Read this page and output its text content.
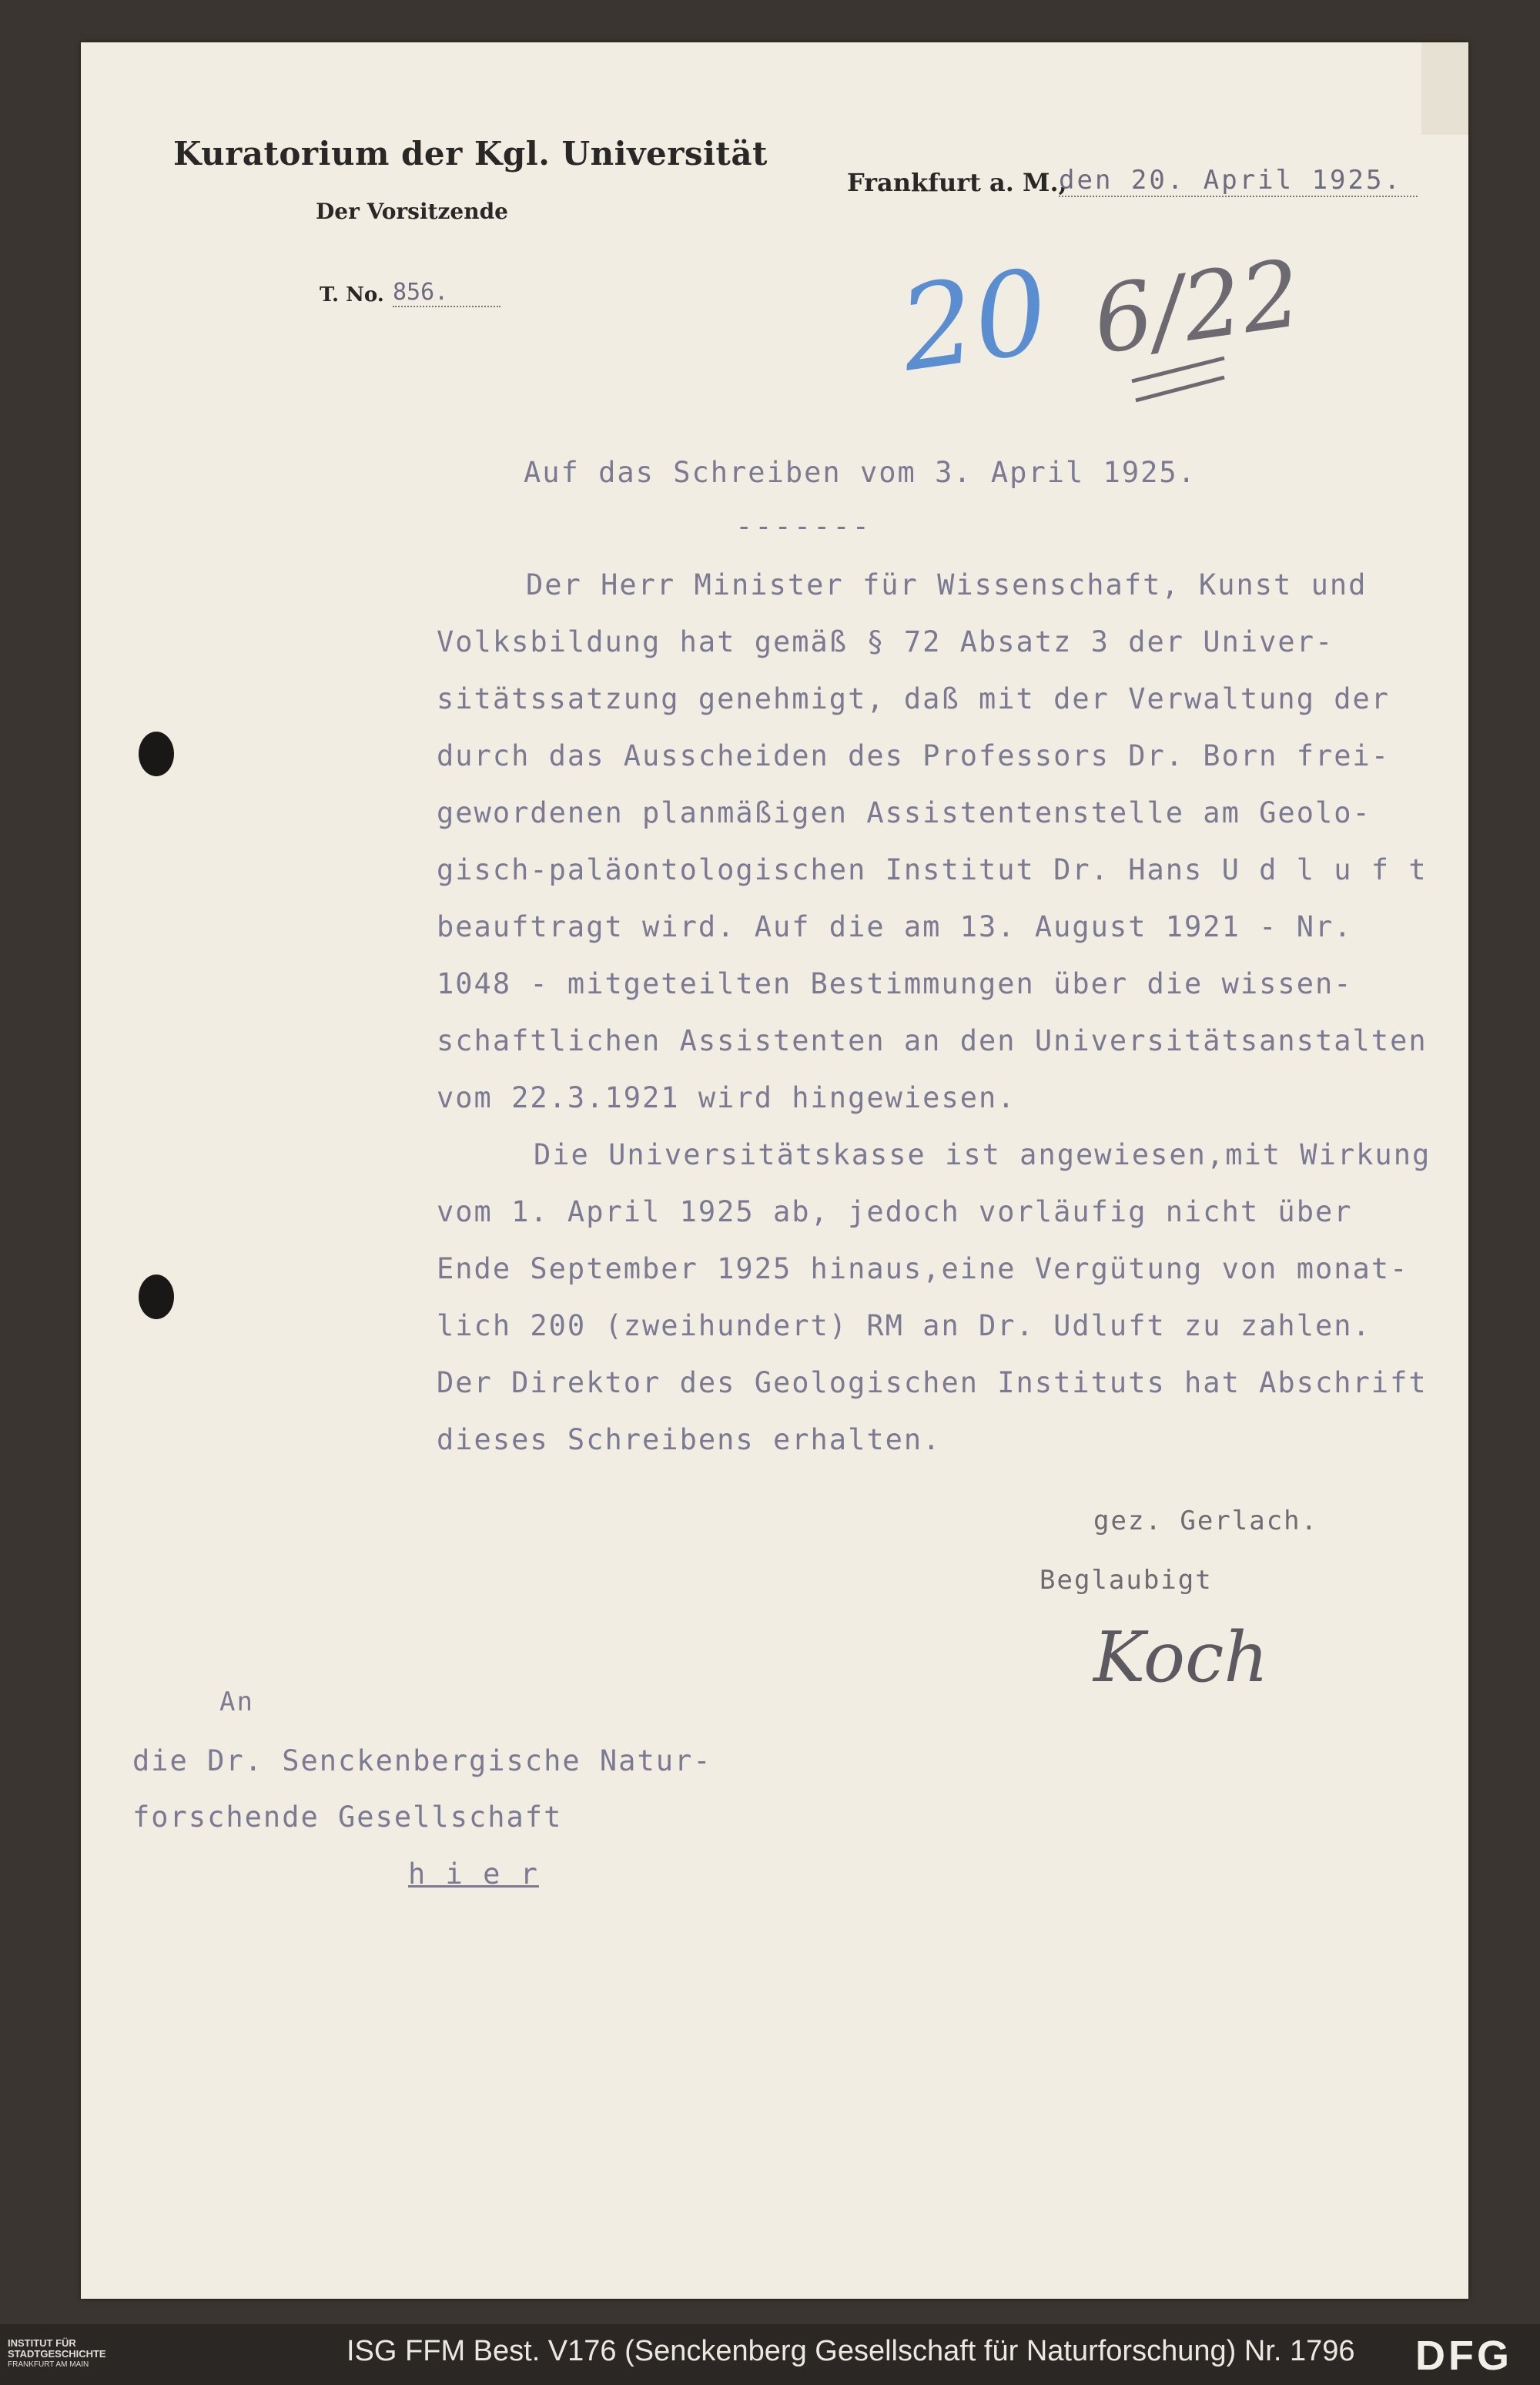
Kuratorium der Kgl. Universität
Der Vorsitzende
T. No. 856.
Frankfurt a. M.,
den 20. April 1925.
20 6/22
Auf das Schreiben vom 3. April 1925.
-------
Der Herr Minister für Wissenschaft, Kunst und
Volksbildung hat gemäß § 72 Absatz 3 der Univer-
sitätssatzung genehmigt, daß mit der Verwaltung der
durch das Ausscheiden des Professors Dr. Born frei-
gewordenen planmäßigen Assistentenstelle am Geolo-
gisch-paläontologischen Institut Dr. Hans U d l u f t
beauftragt wird. Auf die am 13. August 1921 - Nr.
1048 - mitgeteilten Bestimmungen über die wissen-
schaftlichen Assistenten an den Universitätsanstalten
vom 22.3.1921 wird hingewiesen.
Die Universitätskasse ist angewiesen,mit Wirkung
vom 1. April 1925 ab, jedoch vorläufig nicht über
Ende September 1925 hinaus,eine Vergütung von monat-
lich 200 (zweihundert) RM an Dr. Udluft zu zahlen.
Der Direktor des Geologischen Instituts hat Abschrift
dieses Schreibens erhalten.
gez. Gerlach.
Beglaubigt
Koch
An
die Dr. Senckenbergische Natur-
forschende Gesellschaft
h i e r
INSTITUT FÜR
STADTGESCHICHTE
FRANKFURT AM MAIN	ISG FFM Best. V176 (Senckenberg Gesellschaft für Naturforschung) Nr. 1796 DFG
